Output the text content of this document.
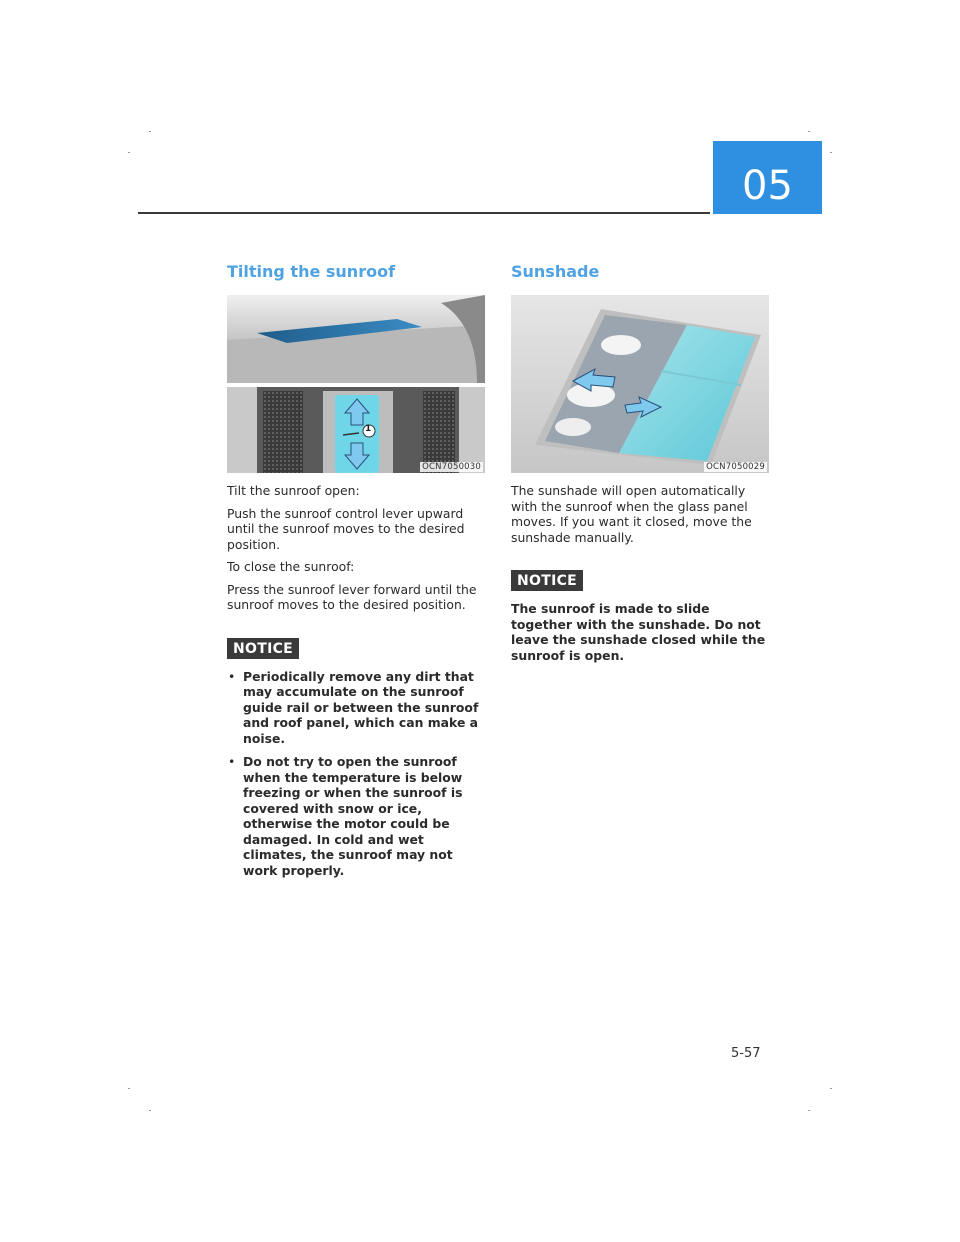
05
Tilting the sunroof
1
OCN7050030

Tilt the sunroof open:

Push the sunroof control lever upward until the sunroof moves to the desired position.

To close the sunroof:

Press the sunroof lever forward until the sunroof moves to the desired position.

NOTICE
• Periodically remove any dirt that may accumulate on the sunroof guide rail or between the sunroof and roof panel, which can make a noise.
• Do not try to open the sunroof when the temperature is below freezing or when the sunroof is covered with snow or ice, otherwise the motor could be damaged. In cold and wet climates, the sunroof may not work properly.
Sunshade
OCN7050029

The sunshade will open automatically with the sunroof when the glass panel moves. If you want it closed, move the sunshade manually.

NOTICE

The sunroof is made to slide together with the sunshade. Do not leave the sunshade closed while the sunroof is open.

5-57
